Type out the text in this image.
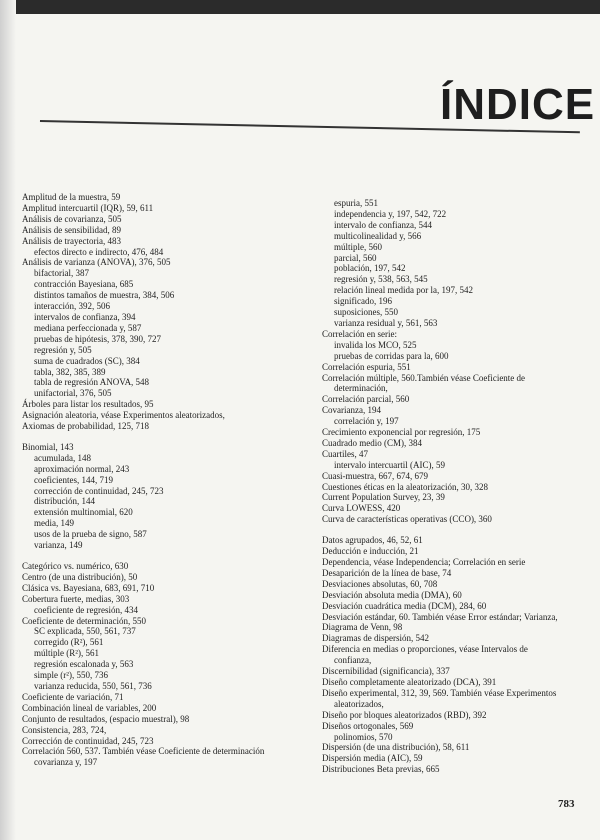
ÍNDICE
Amplitud de la muestra, 59
Amplitud intercuartil (IQR), 59, 611
Análisis de covarianza, 505
Análisis de sensibilidad, 89
Análisis de trayectoria, 483
efectos directo e indirecto, 476, 484
Análisis de varianza (ANOVA), 376, 505
bifactorial, 387
contracción Bayesiana, 685
distintos tamaños de muestra, 384, 506
interacción, 392, 506
intervalos de confianza, 394
mediana perfeccionada y, 587
pruebas de hipótesis, 378, 390, 727
regresión y, 505
suma de cuadrados (SC), 384
tabla, 382, 385, 389
tabla de regresión ANOVA, 548
unifactorial, 376, 505
Árboles para listar los resultados, 95
Asignación aleatoria, véase Experimentos aleatorizados,
Axiomas de probabilidad, 125, 718
Binomial, 143
acumulada, 148
aproximación normal, 243
coeficientes, 144, 719
corrección de continuidad, 245, 723
distribución, 144
extensión multinomial, 620
media, 149
usos de la prueba de signo, 587
varianza, 149
Categórico vs. numérico, 630
Centro (de una distribución), 50
Clásica vs. Bayesiana, 683, 691, 710
Cobertura fuerte, medias, 303
coeficiente de regresión, 434
Coeficiente de determinación, 550
SC explicada, 550, 561, 737
corregido (R²), 561
múltiple (R²), 561
regresión escalonada y, 563
simple (r²), 550, 736
varianza reducida, 550, 561, 736
Coeficiente de variación, 71
Combinación lineal de variables, 200
Conjunto de resultados, (espacio muestral), 98
Consistencia, 283, 724,
Corrección de continuidad, 245, 723
Correlación 560, 537. También véase Coeficiente de determinación
covarianza y, 197
espuria, 551
independencia y, 197, 542, 722
intervalo de confianza, 544
multicolinealidad y, 566
múltiple, 560
parcial, 560
población, 197, 542
regresión y, 538, 563, 545
relación lineal medida por la, 197, 542
significado, 196
suposiciones, 550
varianza residual y, 561, 563
Correlación en serie:
invalida los MCO, 525
pruebas de corridas para la, 600
Correlación espuria, 551
Correlación múltiple, 560.También véase Coeficiente de
determinación,
Correlación parcial, 560
Covarianza, 194
correlación y, 197
Crecimiento exponencial por regresión, 175
Cuadrado medio (CM), 384
Cuartiles, 47
intervalo intercuartil (AIC), 59
Cuasi-muestra, 667, 674, 679
Cuestiones éticas en la aleatorización, 30, 328
Current Population Survey, 23, 39
Curva LOWESS, 420
Curva de características operativas (CCO), 360
Datos agrupados, 46, 52, 61
Deducción e inducción, 21
Dependencia, véase Independencia; Correlación en serie
Desaparición de la línea de base, 74
Desviaciones absolutas, 60, 708
Desviación absoluta media (DMA), 60
Desviación cuadrática media (DCM), 284, 60
Desviación estándar, 60. También véase Error estándar; Varianza,
Diagrama de Venn, 98
Diagramas de dispersión, 542
Diferencia en medias o proporciones, véase Intervalos de
confianza,
Discernibilidad (significancia), 337
Diseño completamente aleatorizado (DCA), 391
Diseño experimental, 312, 39, 569. También véase Experimentos
aleatorizados,
Diseño por bloques aleatorizados (RBD), 392
Diseños ortogonales, 569
polinomios, 570
Dispersión (de una distribución), 58, 611
Dispersión media (AIC), 59
Distribuciones Beta previas, 665
783
